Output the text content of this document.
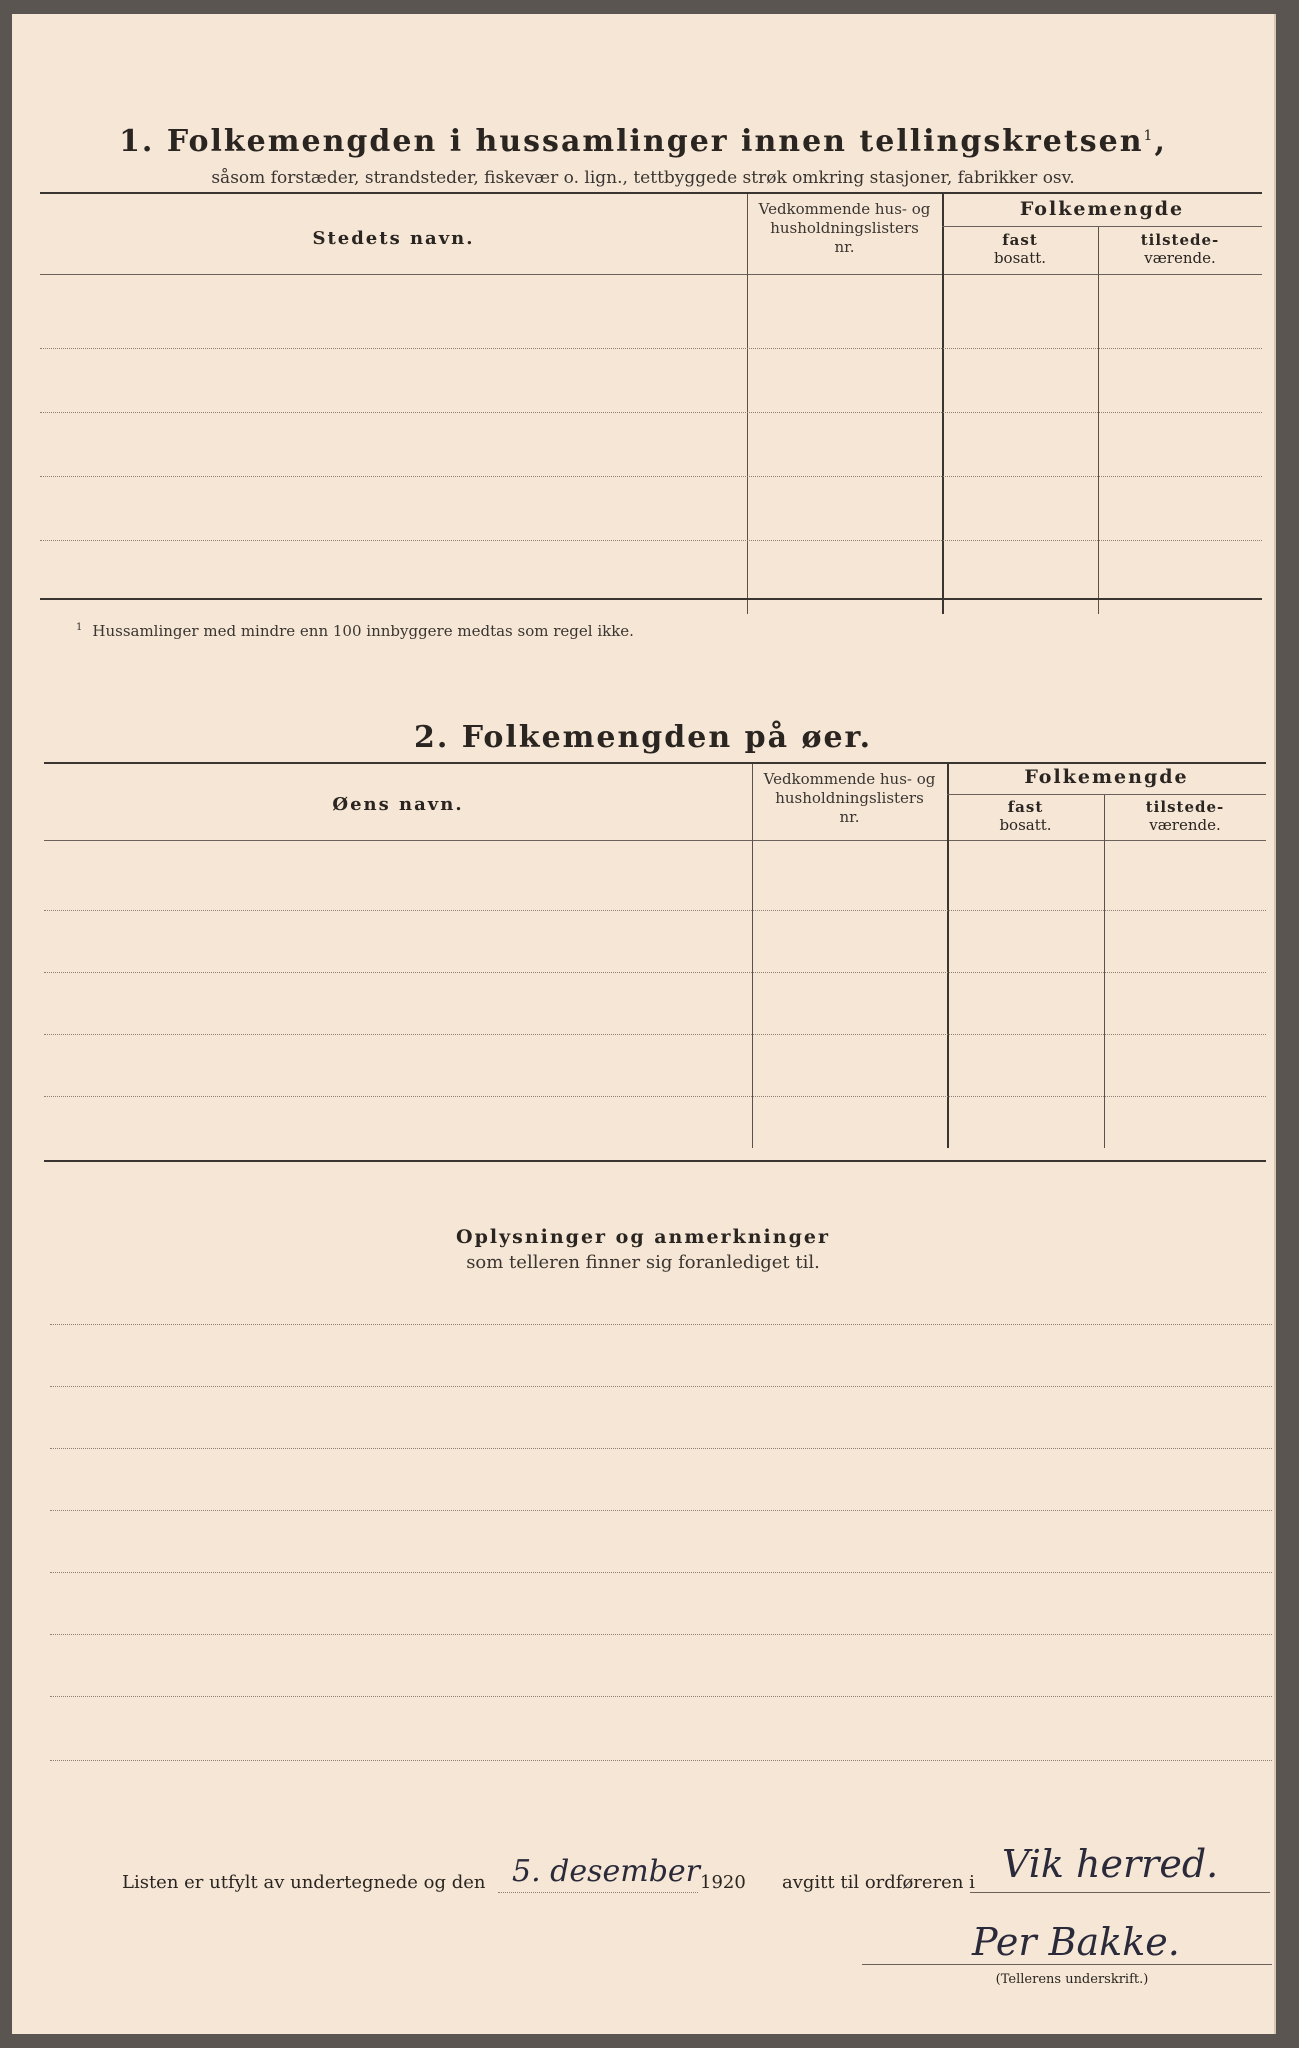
1. Folkemengden i hussamlinger innen tellingskretsen$^1$,
såsom forstæder, strandsteder, fiskevær o. lign., tettbyggede strøk omkring stasjoner, fabrikker osv.
Stedets navn.
Vedkommende hus- og
husholdningslisters
nr.
Folkemengde
fast
bosatt.
tilstede-
værende.
$^1$ Hussamlinger med mindre enn 100 innbyggere medtas som regel ikke.
2. Folkemengden på øer.
Øens navn.
Vedkommende hus- og
husholdningslisters
nr.
Folkemengde
fast
bosatt.
tilstede-
værende.
Oplysninger og anmerkninger
som telleren finner sig foranlediget til.
Listen er utfylt av undertegnede og den 5. desember 1920 avgitt til ordføreren i Vik herred.
Per Bakke.
(Tellerens underskrift.)
